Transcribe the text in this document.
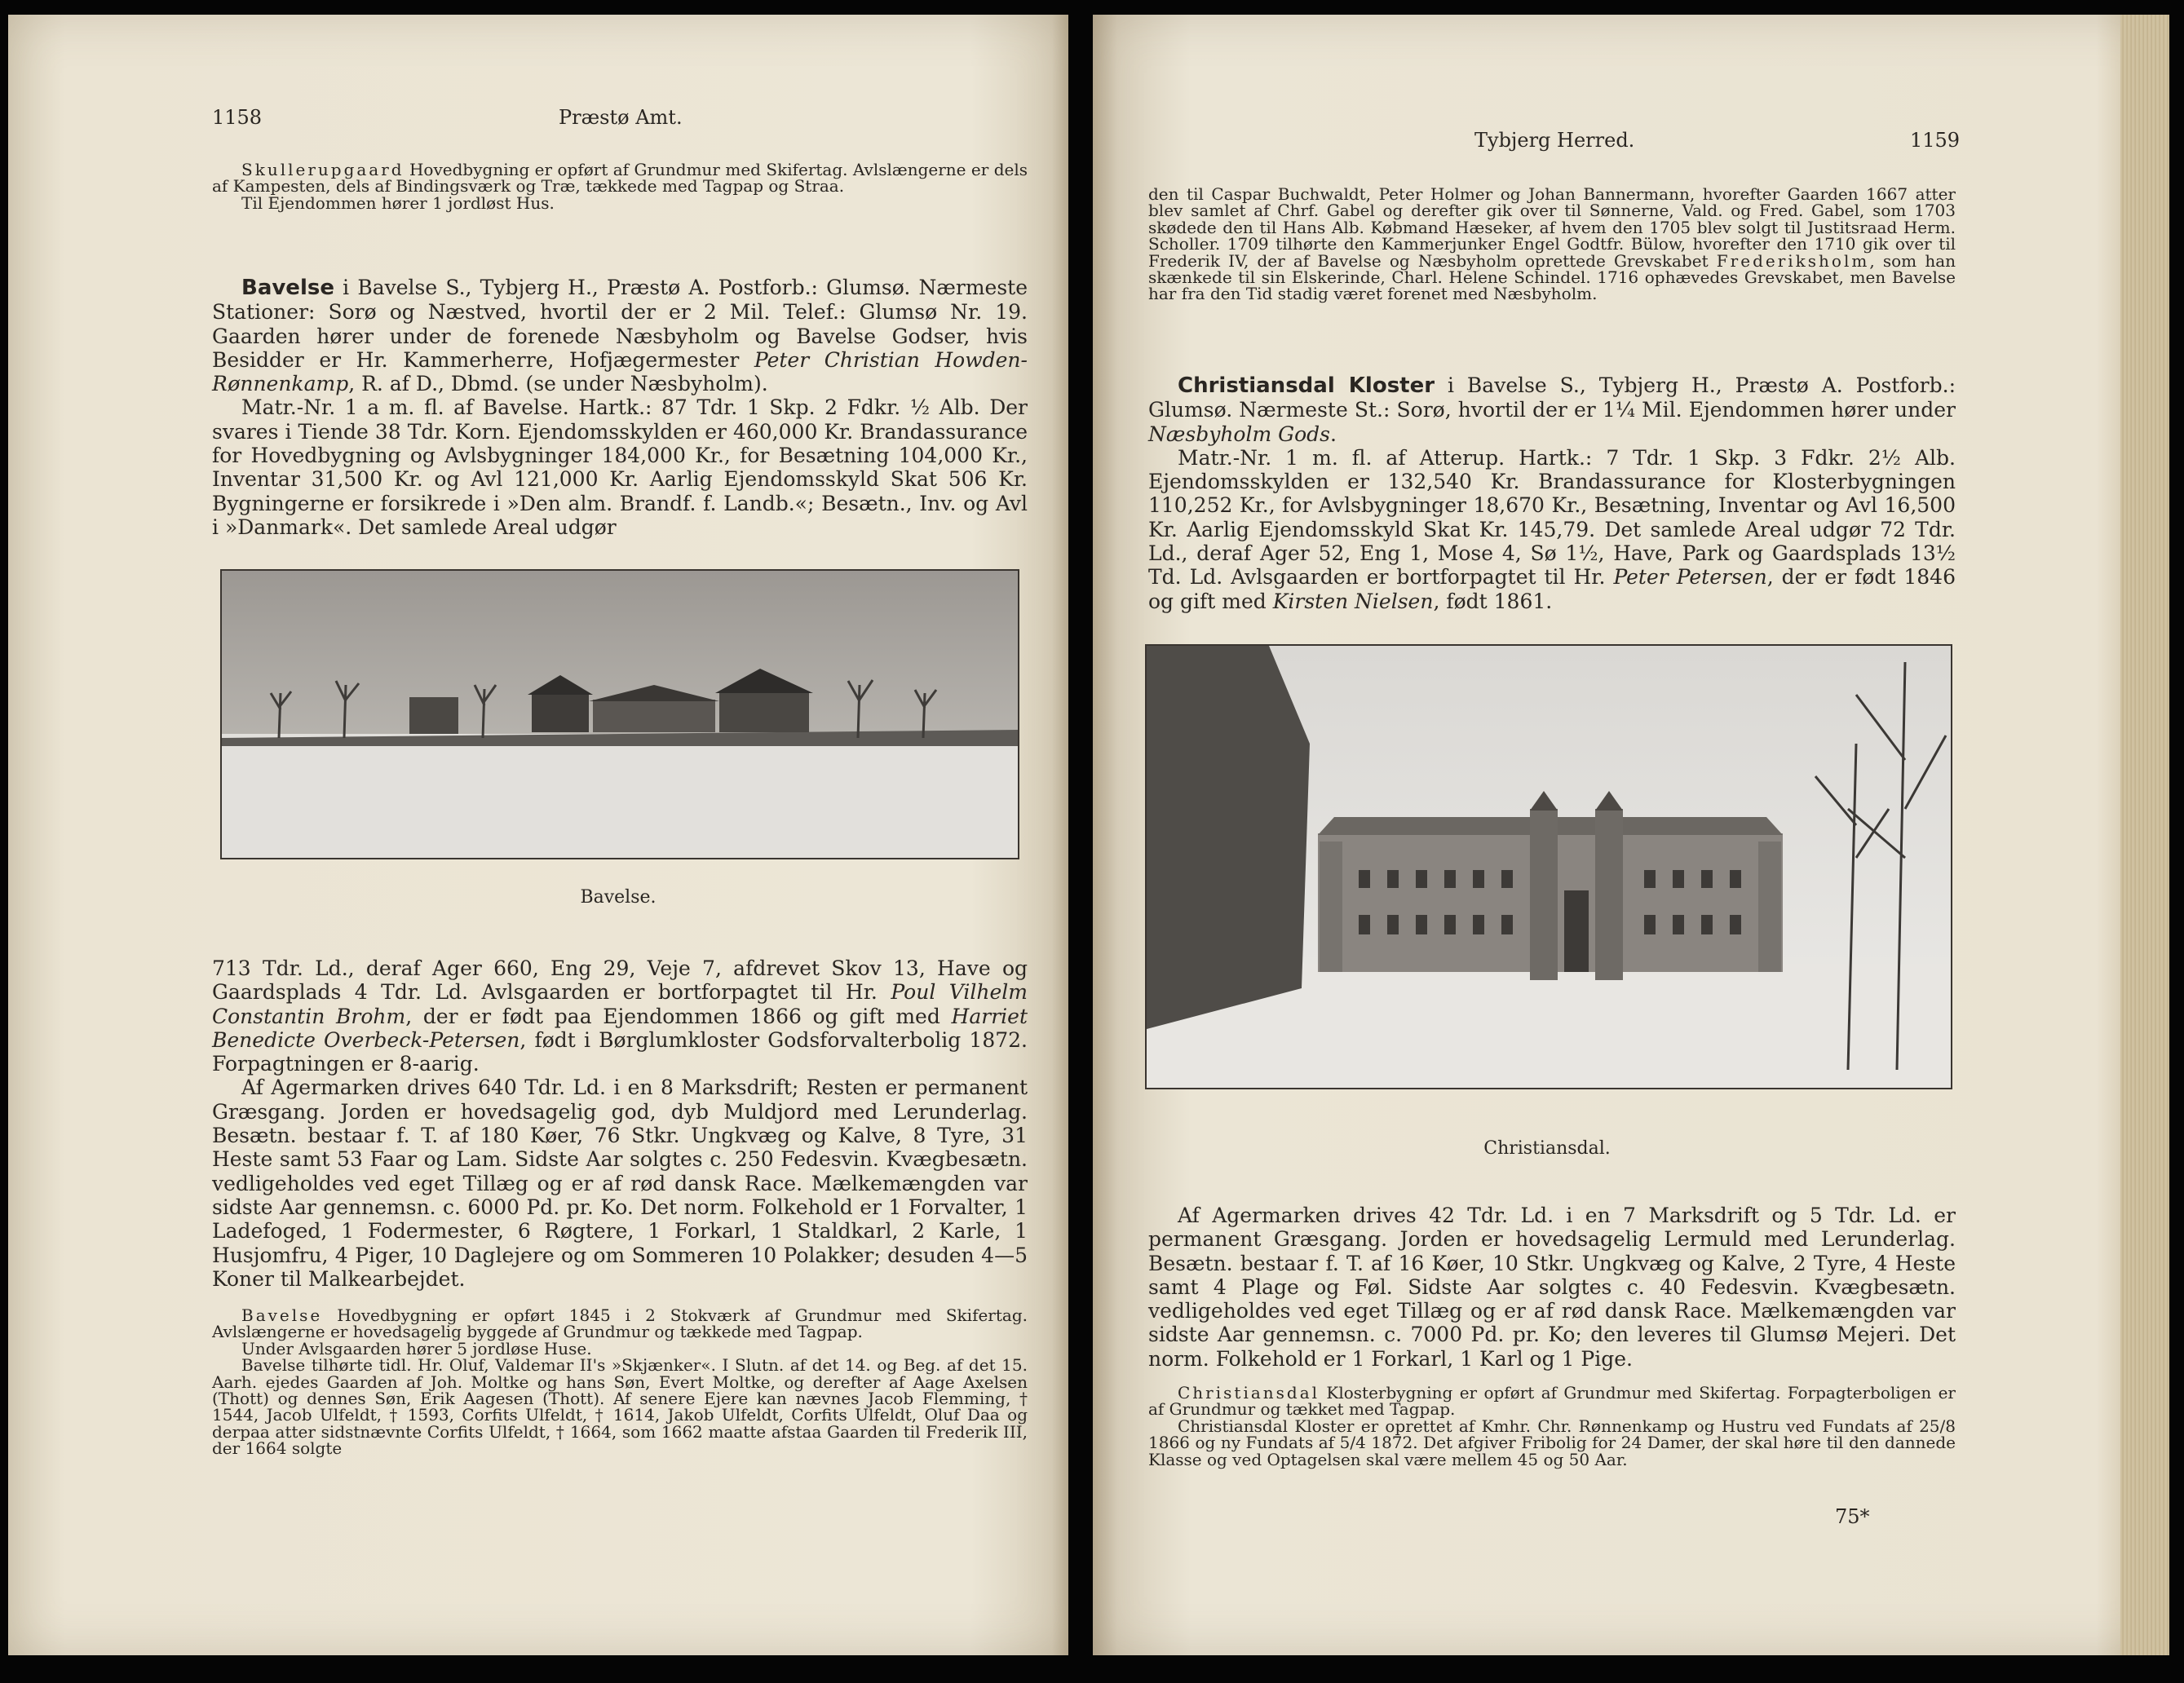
1158	Præstø Amt.

Skullerupgaard Hovedbygning er opført af Grundmur med Skifertag. Avlslængerne er dels af Kampesten, dels af Bindingsværk og Træ, tækkede med Tagpap og Straa.

Til Ejendommen hører 1 jordløst Hus.

Bavelse i Bavelse S., Tybjerg H., Præstø A. Postforb.: Glumsø. Nærmeste Stationer: Sorø og Næstved, hvortil der er 2 Mil. Telef.: Glumsø Nr. 19. Gaarden hører under de forenede Næsbyholm og Bavelse Godser, hvis Besidder er Hr. Kammerherre, Hofjægermester Peter Christian Howden-Rønnenkamp, R. af D., Dbmd. (se under Næsbyholm).

Matr.-Nr. 1 a m. fl. af Bavelse. Hartk.: 87 Tdr. 1 Skp. 2 Fdkr. ½ Alb. Der svares i Tiende 38 Tdr. Korn. Ejendomsskylden er 460,000 Kr. Brandassurance for Hovedbygning og Avlsbygninger 184,000 Kr., for Besætning 104,000 Kr., Inventar 31,500 Kr. og Avl 121,000 Kr. Aarlig Ejendomsskyld Skat 506 Kr. Bygningerne er forsikrede i »Den alm. Brandf. f. Landb.«; Besætn., Inv. og Avl i »Danmark«. Det samlede Areal udgør

Bavelse.

713 Tdr. Ld., deraf Ager 660, Eng 29, Veje 7, afdrevet Skov 13, Have og Gaardsplads 4 Tdr. Ld. Avlsgaarden er bortforpagtet til Hr. Poul Vilhelm Constantin Brohm, der er født paa Ejendommen 1866 og gift med Harriet Benedicte Overbeck-Petersen, født i Børglumkloster Godsforvalterbolig 1872. Forpagtningen er 8-aarig.

Af Agermarken drives 640 Tdr. Ld. i en 8 Marksdrift; Resten er permanent Græsgang. Jorden er hovedsagelig god, dyb Muldjord med Lerunderlag. Besætn. bestaar f. T. af 180 Køer, 76 Stkr. Ungkvæg og Kalve, 8 Tyre, 31 Heste samt 53 Faar og Lam. Sidste Aar solgtes c. 250 Fedesvin. Kvægbesætn. vedligeholdes ved eget Tillæg og er af rød dansk Race. Mælkemængden var sidste Aar gennemsn. c. 6000 Pd. pr. Ko. Det norm. Folkehold er 1 Forvalter, 1 Ladefoged, 1 Fodermester, 6 Røgtere, 1 Forkarl, 1 Staldkarl, 2 Karle, 1 Husjomfru, 4 Piger, 10 Daglejere og om Sommeren 10 Polakker; desuden 4—5 Koner til Malkearbejdet.

Bavelse Hovedbygning er opført 1845 i 2 Stokværk af Grundmur med Skifertag. Avlslængerne er hovedsagelig byggede af Grundmur og tækkede med Tagpap.

Under Avlsgaarden hører 5 jordløse Huse.

Bavelse tilhørte tidl. Hr. Oluf, Valdemar II's »Skjænker«. I Slutn. af det 14. og Beg. af det 15. Aarh. ejedes Gaarden af Joh. Moltke og hans Søn, Evert Moltke, og derefter af Aage Axelsen (Thott) og dennes Søn, Erik Aagesen (Thott). Af senere Ejere kan nævnes Jacob Flemming, † 1544, Jacob Ulfeldt, † 1593, Corfits Ulfeldt, † 1614, Jakob Ulfeldt, Corfits Ulfeldt, Oluf Daa og derpaa atter sidstnævnte Corfits Ulfeldt, † 1664, som 1662 maatte afstaa Gaarden til Frederik III, der 1664 solgte

Tybjerg Herred.	1159

den til Caspar Buchwaldt, Peter Holmer og Johan Bannermann, hvorefter Gaarden 1667 atter blev samlet af Chrf. Gabel og derefter gik over til Sønnerne, Vald. og Fred. Gabel, som 1703 skødede den til Hans Alb. Købmand Hæseker, af hvem den 1705 blev solgt til Justitsraad Herm. Scholler. 1709 tilhørte den Kammerjunker Engel Godtfr. Bülow, hvorefter den 1710 gik over til Frederik IV, der af Bavelse og Næsbyholm oprettede Grevskabet Frederiksholm, som han skænkede til sin Elskerinde, Charl. Helene Schindel. 1716 ophævedes Grevskabet, men Bavelse har fra den Tid stadig været forenet med Næsbyholm.

Christiansdal Kloster i Bavelse S., Tybjerg H., Præstø A. Postforb.: Glumsø. Nærmeste St.: Sorø, hvortil der er 1¼ Mil. Ejendommen hører under Næsbyholm Gods.

Matr.-Nr. 1 m. fl. af Atterup. Hartk.: 7 Tdr. 1 Skp. 3 Fdkr. 2½ Alb. Ejendomsskylden er 132,540 Kr. Brandassurance for Klosterbygningen 110,252 Kr., for Avlsbygninger 18,670 Kr., Besætning, Inventar og Avl 16,500 Kr. Aarlig Ejendomsskyld Skat Kr. 145,79. Det samlede Areal udgør 72 Tdr. Ld., deraf Ager 52, Eng 1, Mose 4, Sø 1½, Have, Park og Gaardsplads 13½ Td. Ld. Avlsgaarden er bortforpagtet til Hr. Peter Petersen, der er født 1846 og gift med Kirsten Nielsen, født 1861.

Christiansdal.

Af Agermarken drives 42 Tdr. Ld. i en 7 Marksdrift og 5 Tdr. Ld. er permanent Græsgang. Jorden er hovedsagelig Lermuld med Lerunderlag. Besætn. bestaar f. T. af 16 Køer, 10 Stkr. Ungkvæg og Kalve, 2 Tyre, 4 Heste samt 4 Plage og Føl. Sidste Aar solgtes c. 40 Fedesvin. Kvægbesætn. vedligeholdes ved eget Tillæg og er af rød dansk Race. Mælkemængden var sidste Aar gennemsn. c. 7000 Pd. pr. Ko; den leveres til Glumsø Mejeri. Det norm. Folkehold er 1 Forkarl, 1 Karl og 1 Pige.

Christiansdal Klosterbygning er opført af Grundmur med Skifertag. Forpagterboligen er af Grundmur og tækket med Tagpap.

Christiansdal Kloster er oprettet af Kmhr. Chr. Rønnenkamp og Hustru ved Fundats af 25/8 1866 og ny Fundats af 5/4 1872. Det afgiver Fribolig for 24 Damer, der skal høre til den dannede Klasse og ved Optagelsen skal være mellem 45 og 50 Aar.

75*
